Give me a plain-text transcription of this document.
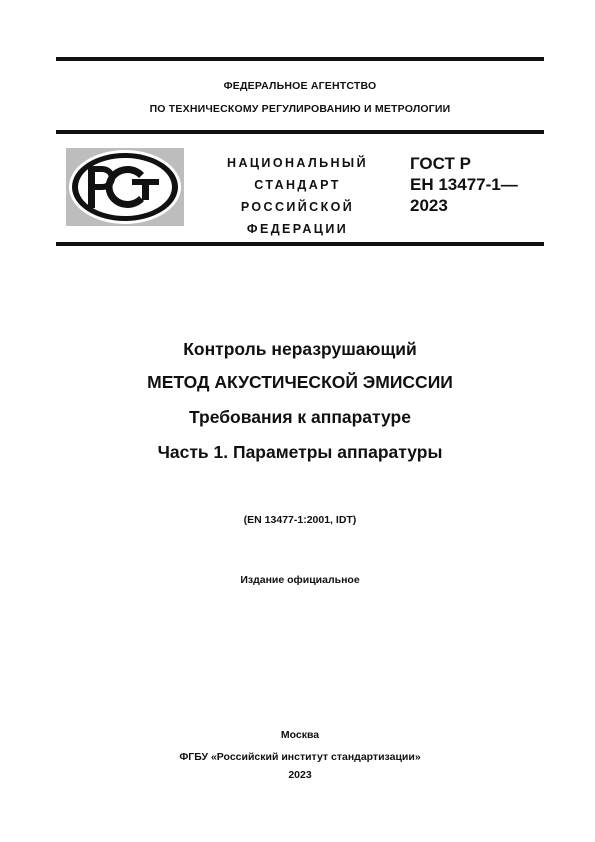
ФЕДЕРАЛЬНОЕ АГЕНТСТВО
ПО ТЕХНИЧЕСКОМУ РЕГУЛИРОВАНИЮ И МЕТРОЛОГИИ
НАЦИОНАЛЬНЫЙ
СТАНДАРТ
РОССИЙСКОЙ
ФЕДЕРАЦИИ
ГОСТ Р
ЕН 13477-1—
2023
Контроль неразрушающий
МЕТОД АКУСТИЧЕСКОЙ ЭМИССИИ
Требования к аппаратуре
Часть 1. Параметры аппаратуры
(EN 13477-1:2001, IDT)
Издание официальное
Москва
ФГБУ «Российский институт стандартизации»
2023
